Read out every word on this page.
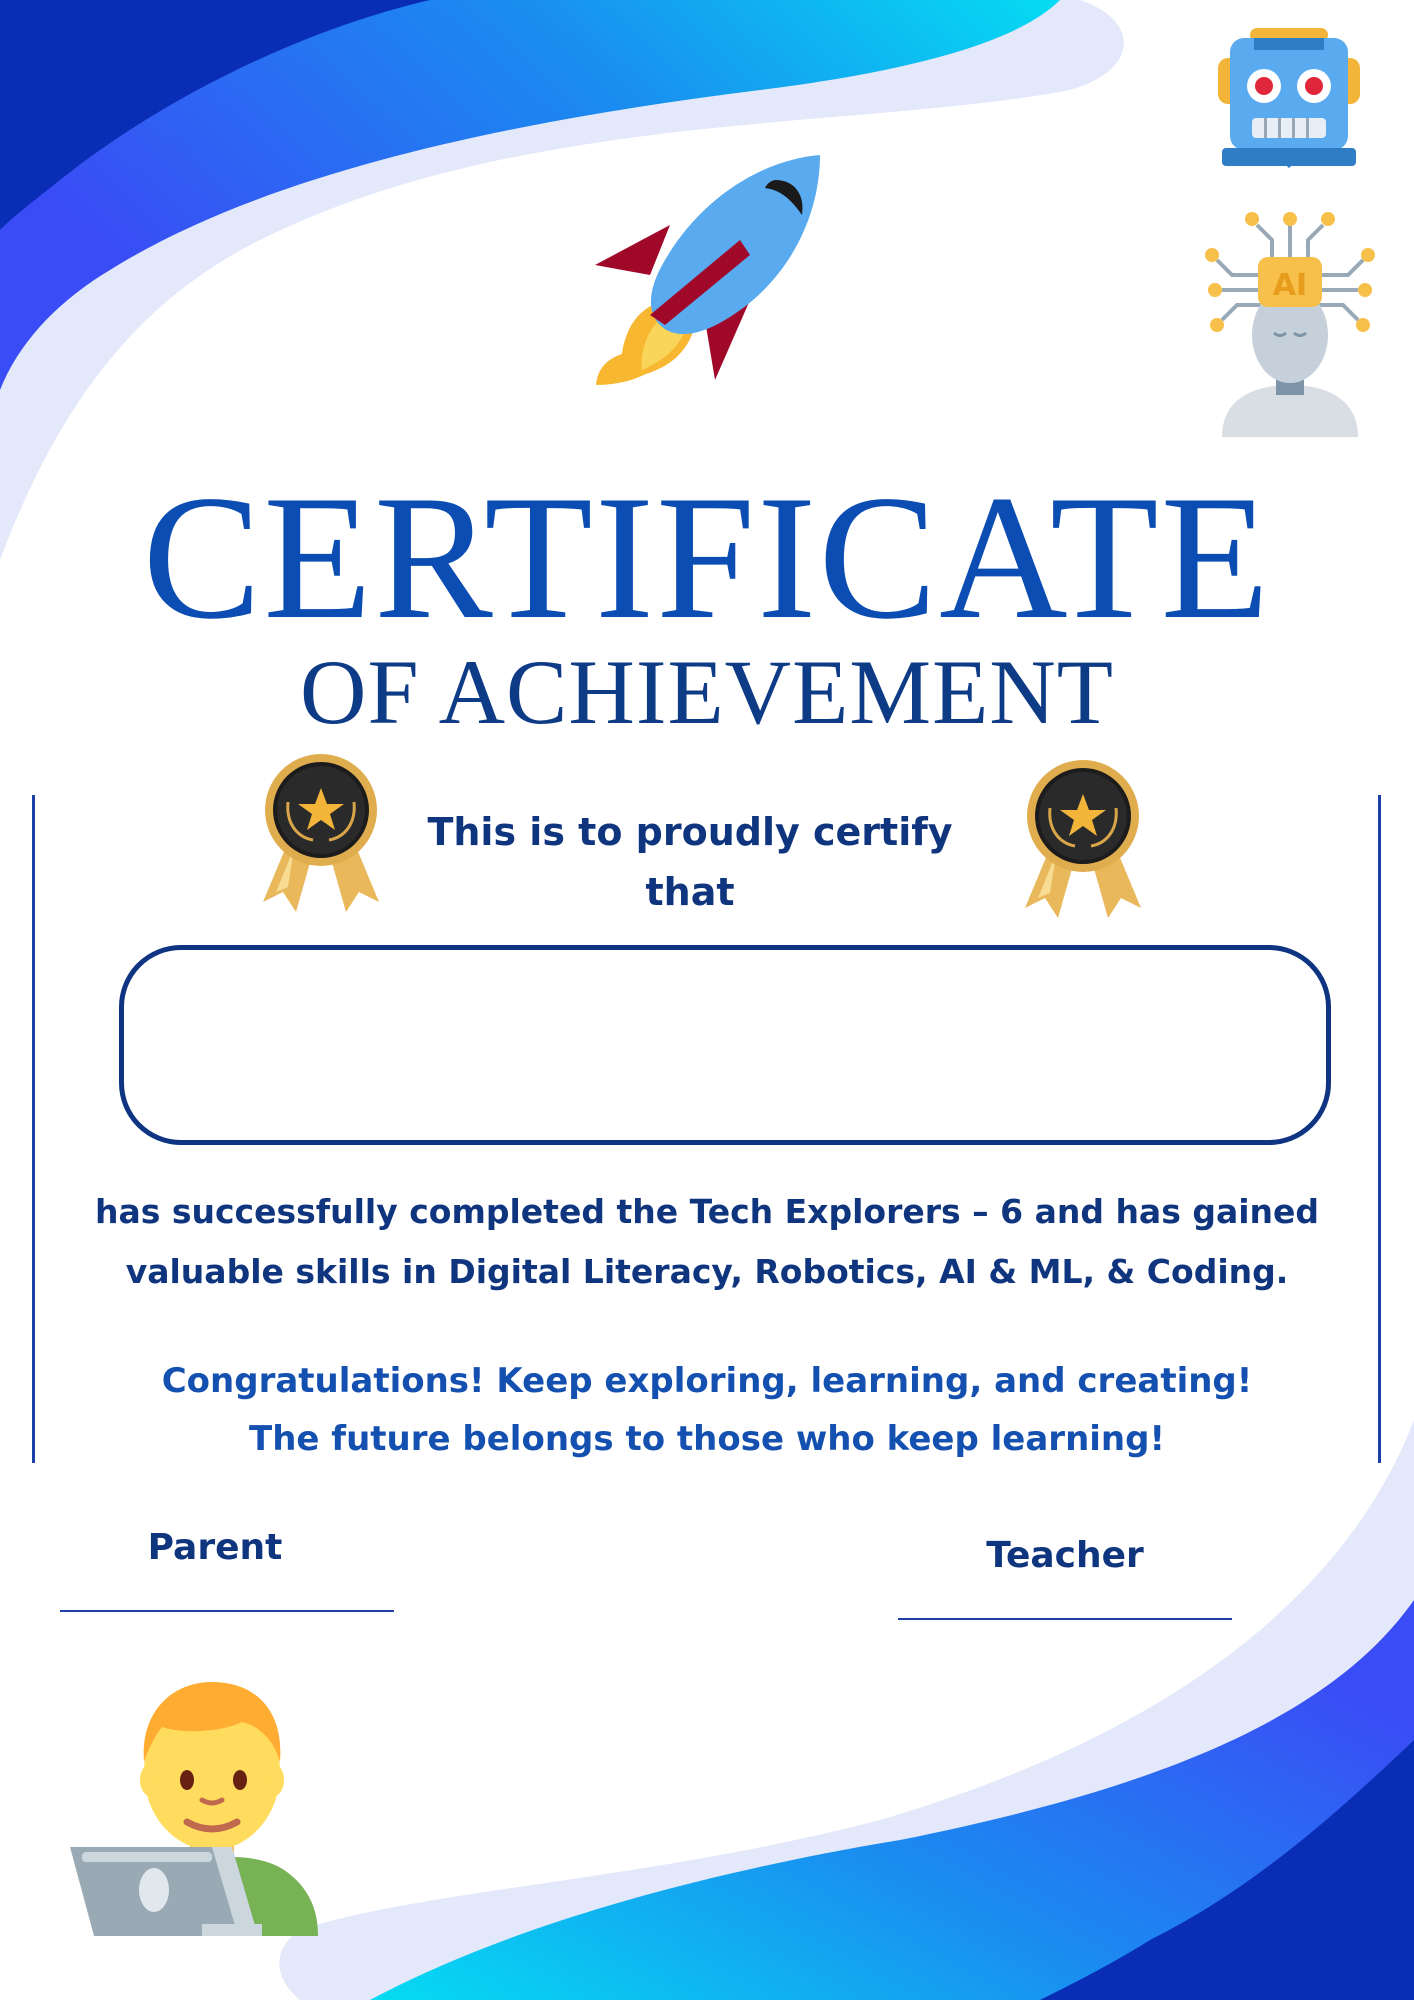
AI
CERTIFICATE
OF ACHIEVEMENT
This is to proudly certify that
has successfully completed the Tech Explorers – 6 and has gained
valuable skills in Digital Literacy, Robotics, AI & ML, & Coding.
Congratulations! Keep exploring, learning, and creating!
The future belongs to those who keep learning!
Parent	Teacher
